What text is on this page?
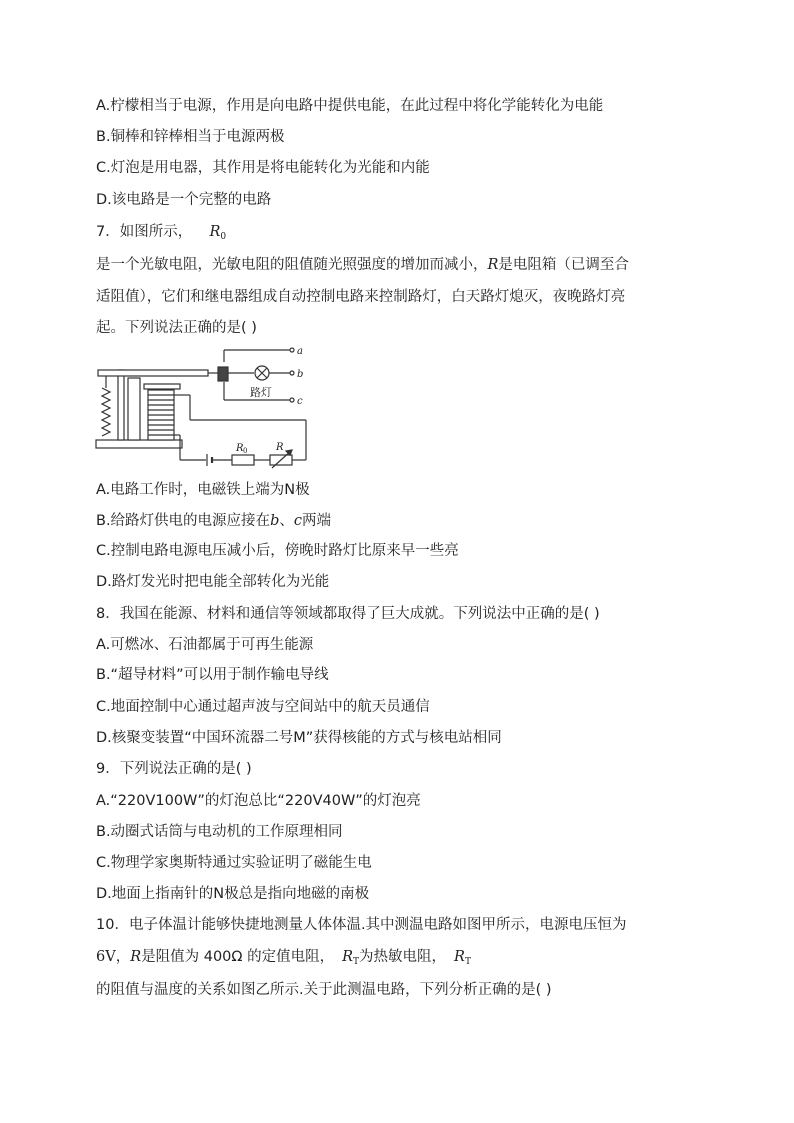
A.柠檬相当于电源，作用是向电路中提供电能，在此过程中将化学能转化为电能
B.铜棒和锌棒相当于电源两极
C.灯泡是用电器，其作用是将电能转化为光能和内能
D.该电路是一个完整的电路
7．如图所示， $R_0$
是一个光敏电阻，光敏电阻的阻值随光照强度的增加而减小，R是电阻箱（已调至合
适阻值），它们和继电器组成自动控制电路来控制路灯，白天路灯熄灭，夜晚路灯亮
起。下列说法正确的是( )
a
b
c
路灯
R 0	R
A.电路工作时，电磁铁上端为N极
B.给路灯供电的电源应接在b、c两端
C.控制电路电源电压减小后，傍晚时路灯比原来早一些亮
D.路灯发光时把电能全部转化为光能
8．我国在能源、材料和通信等领域都取得了巨大成就。下列说法中正确的是( )
A.可燃冰、石油都属于可再生能源
B.“超导材料”可以用于制作输电导线
C.地面控制中心通过超声波与空间站中的航天员通信
D.核聚变装置“中国环流器二号M”获得核能的方式与核电站相同
9．下列说法正确的是( )
A.“220V100W”的灯泡总比“220V40W”的灯泡亮
B.动圈式话筒与电动机的工作原理相同
C.物理学家奥斯特通过实验证明了磁能生电
D.地面上指南针的N极总是指向地磁的南极
10．电子体温计能够快捷地测量人体体温.其中测温电路如图甲所示，电源电压恒为
6V，R是阻值为 400Ω 的定值电阻， $R_T$为热敏电阻， $R_T$
的阻值与温度的关系如图乙所示.关于此测温电路，下列分析正确的是( )
